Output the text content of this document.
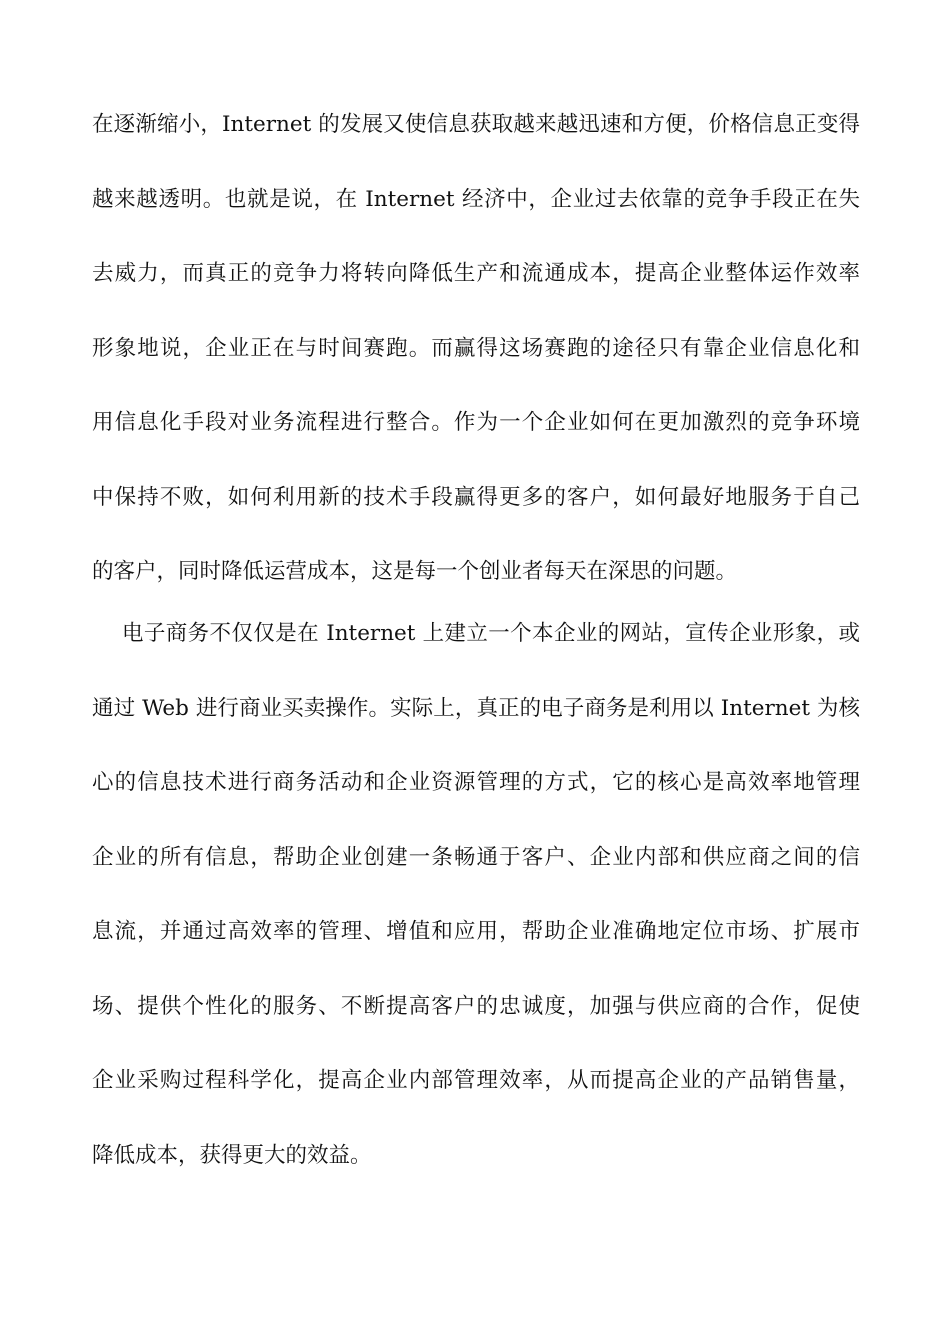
在逐渐缩小，Internet 的发展又使信息获取越来越迅速和方便，价格信息正变得
越来越透明。也就是说，在 Internet 经济中，企业过去依靠的竞争手段正在失
去威力，而真正的竞争力将转向降低生产和流通成本，提高企业整体运作效率
形象地说，企业正在与时间赛跑。而赢得这场赛跑的途径只有靠企业信息化和
用信息化手段对业务流程进行整合。作为一个企业如何在更加激烈的竞争环境
中保持不败，如何利用新的技术手段赢得更多的客户，如何最好地服务于自己
的客户，同时降低运营成本，这是每一个创业者每天在深思的问题。
电子商务不仅仅是在 Internet 上建立一个本企业的网站，宣传企业形象，或
通过 Web 进行商业买卖操作。实际上，真正的电子商务是利用以 Internet 为核
心的信息技术进行商务活动和企业资源管理的方式，它的核心是高效率地管理
企业的所有信息，帮助企业创建一条畅通于客户、企业内部和供应商之间的信
息流，并通过高效率的管理、增值和应用，帮助企业准确地定位市场、扩展市
场、提供个性化的服务、不断提高客户的忠诚度，加强与供应商的合作，促使
企业采购过程科学化，提高企业内部管理效率，从而提高企业的产品销售量，
降低成本，获得更大的效益。
